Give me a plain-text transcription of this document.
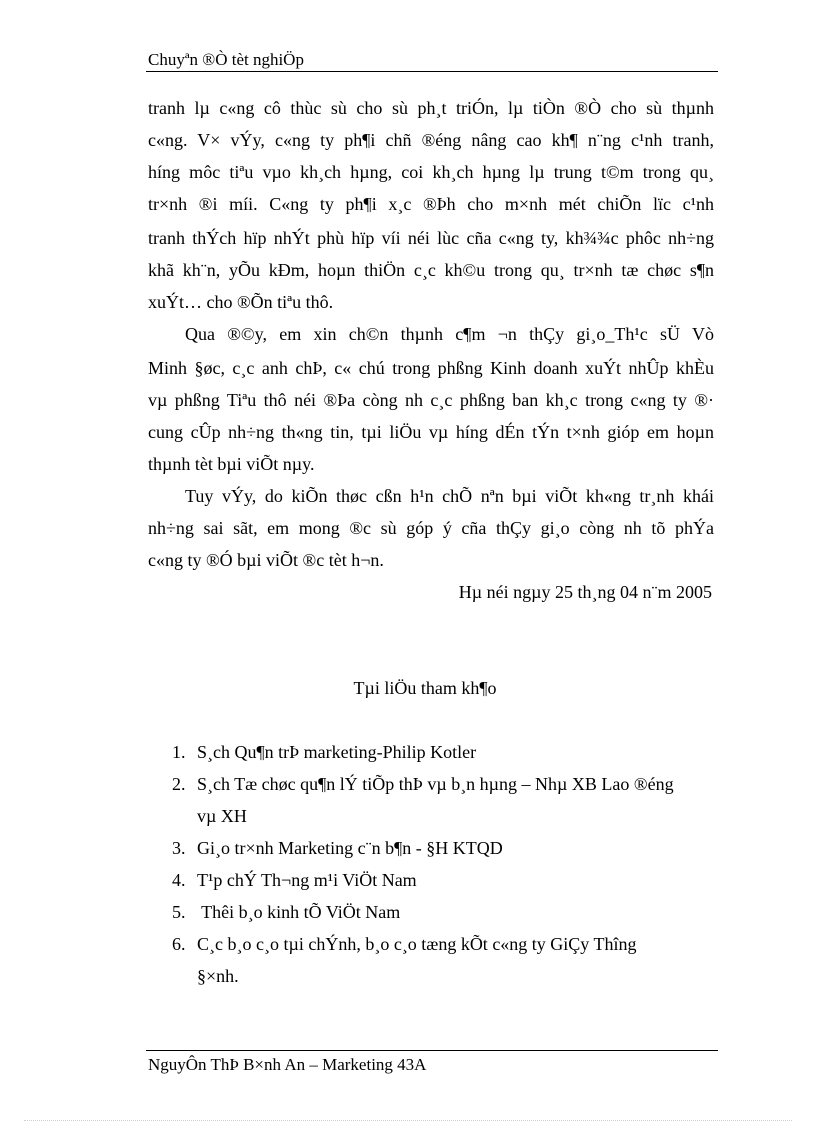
Chuyªn ®Ò tèt nghiÖp
tranh lµ c«ng cô thùc sù cho sù ph¸t triÓn, lµ tiÒn ®Ò cho sù thµnh
c«ng. V× vÝy, c«ng ty ph¶i chñ ®éng nâng cao kh¶ n¨ng c¹nh tranh,
híng môc tiªu vµo kh¸ch hµng, coi kh¸ch hµng lµ trung t©m trong qu¸
tr×nh ®i míi. C«ng ty ph¶i x¸c ®Þh cho m×nh mét chiÕn lïc c¹nh
tranh thÝch hïp nhÝt phù hïp víi néi lùc cña c«ng ty, kh¾¾c phôc nh÷ng
khã kh¨n, yÕu kÐm, hoµn thiÖn c¸c kh©u trong qu¸ tr×nh tæ chøc s¶n
xuÝt… cho ®Õn tiªu thô.
Qua ®©y, em xin ch©n thµnh c¶m ¬n thÇy gi¸o_Th¹c sÜ Vò
Minh §øc, c¸c anh chÞ, c« chú trong phßng Kinh doanh xuÝt nhÛp khÈu
vµ phßng Tiªu thô néi ®Þa còng nh c¸c phßng ban kh¸c trong c«ng ty ®·
cung cÛp nh÷ng th«ng tin, tµi liÖu vµ híng dÉn tÝn t×nh gióp em hoµn
thµnh tèt bµi viÕt nµy.
Tuy vÝy, do kiÕn thøc cßn h¹n chÕ nªn bµi viÕt kh«ng tr¸nh khái
nh÷ng sai sãt, em mong ®c sù góp ý cña thÇy gi¸o còng nh tõ phÝa
c«ng ty ®Ó bµi viÕt ®c tèt h¬n.
Hµ néi ngµy 25 th¸ng 04 n¨m 2005
Tµi liÖu tham kh¶o
1. S¸ch Qu¶n trÞ marketing-Philip Kotler
2. S¸ch Tæ chøc qu¶n lÝ tiÕp thÞ vµ b¸n hµng – Nhµ XB Lao ®éng
vµ XH
3. Gi¸o tr×nh Marketing c¨n b¶n - §H KTQD
4. T¹p chÝ Th¬ng m¹i ViÖt Nam
5. Thêi b¸o kinh tÕ ViÖt Nam
6. C¸c b¸o c¸o tµi chÝnh, b¸o c¸o tæng kÕt c«ng ty GiÇy Thîng
§×nh.
NguyÔn ThÞ B×nh An – Marketing 43A
